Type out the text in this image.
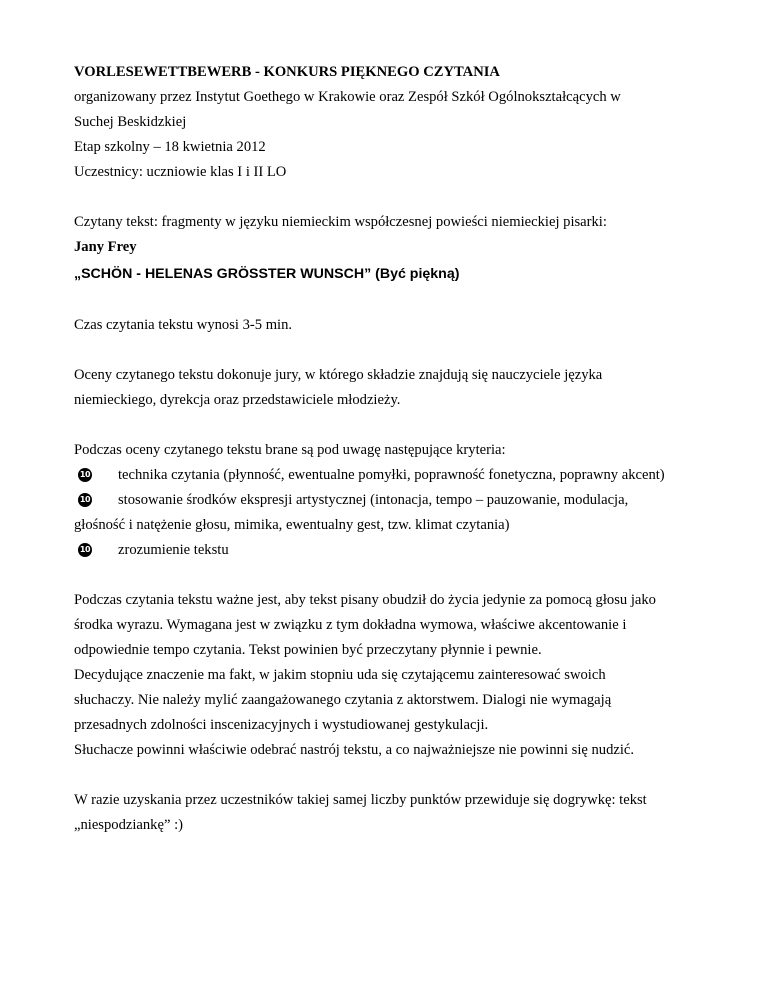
VORLESEWETTBEWERB - KONKURS PIĘKNEGO CZYTANIA
organizowany przez Instytut Goethego w Krakowie oraz Zespół Szkół Ogólnokształcących w
Suchej Beskidzkiej
Etap szkolny – 18 kwietnia 2012
Uczestnicy: uczniowie klas I i II LO
Czytany tekst: fragmenty w języku niemieckim współczesnej powieści niemieckiej pisarki:
Jany Frey
„SCHÖN - HELENAS GRÖSSTER WUNSCH” (Być piękną)
Czas czytania tekstu wynosi 3-5 min.
Oceny czytanego tekstu dokonuje jury, w którego składzie znajdują się nauczyciele języka
niemieckiego, dyrekcja oraz przedstawiciele młodzieży.
Podczas oceny czytanego tekstu brane są pod uwagę następujące kryteria:
10 technika czytania (płynność, ewentualne pomyłki, poprawność fonetyczna, poprawny akcent)
10	stosowanie środków ekspresji artystycznej (intonacja, tempo – pauzowanie, modulacja,
głośność i natężenie głosu, mimika, ewentualny gest, tzw. klimat czytania)
10 zrozumienie tekstu
Podczas czytania tekstu ważne jest, aby tekst pisany obudził do życia jedynie za pomocą głosu jako
środka wyrazu. Wymagana jest w związku z tym dokładna wymowa, właściwe akcentowanie i
odpowiednie tempo czytania. Tekst powinien być przeczytany płynnie i pewnie.
Decydujące znaczenie ma fakt, w jakim stopniu uda się czytającemu zainteresować swoich
słuchaczy. Nie należy mylić zaangażowanego czytania z aktorstwem. Dialogi nie wymagają
przesadnych zdolności inscenizacyjnych i wystudiowanej gestykulacji.
Słuchacze powinni właściwie odebrać nastrój tekstu, a co najważniejsze nie powinni się nudzić.
W razie uzyskania przez uczestników takiej samej liczby punktów przewiduje się dogrywkę: tekst
„niespodziankę” :)
